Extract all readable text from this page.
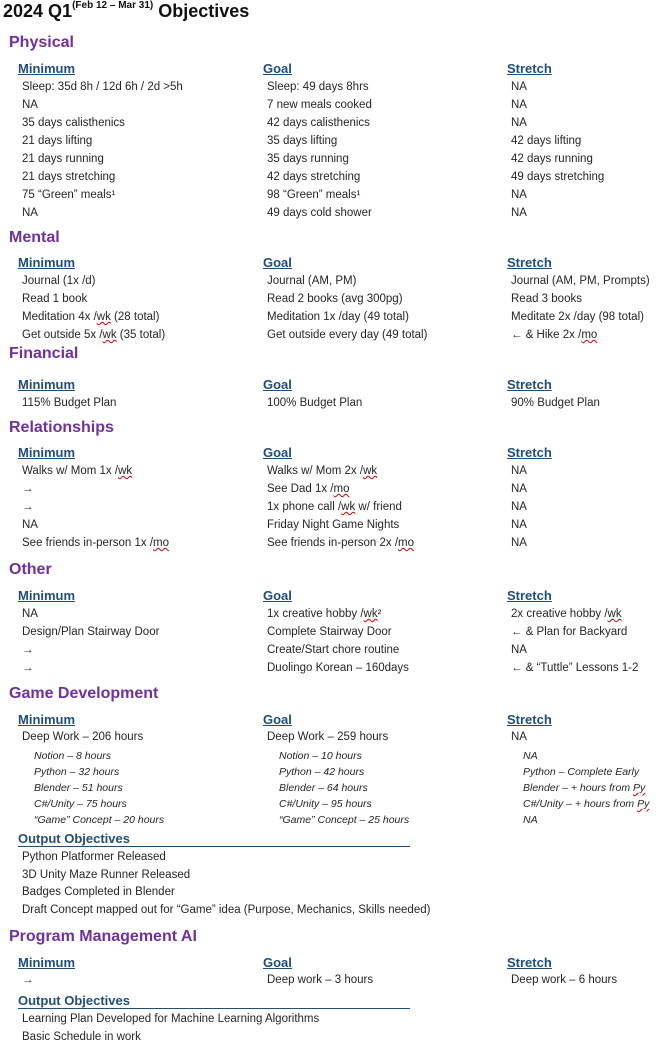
2024 $Q1^{(Feb 12 - Mar 31)}$ Objectives
Physical
Minimum	Goal	Stretch
Sleep: 35d 8h / 12d 6h / 2d >5h	Sleep: 49 days 8hrs	NA
NA	7 new meals cooked	NA
35 days calisthenics	42 days calisthenics	NA
21 days lifting	35 days lifting	42 days lifting
21 days running	35 days running	42 days running
21 days stretching	42 days stretching	49 days stretching
75 “Green” meals¹	98 “Green” meals¹	NA
NA	49 days cold shower	NA
Mental
Minimum	Goal	Stretch
Journal (1x /d)	Journal (AM, PM)	Journal (AM, PM, Prompts)
Read 1 book	Read 2 books (avg 300pg)	Read 3 books
Meditation 4x /wk (28 total)	Meditation 1x /day (49 total)	Meditate 2x /day (98 total)
Get outside 5x /wk (35 total)	Get outside every day (49 total)	← & Hike 2x /mo
Financial
Minimum	Goal	Stretch
115% Budget Plan	100% Budget Plan	90% Budget Plan
Relationships
Minimum	Goal	Stretch
Walks w/ Mom 1x /wk	Walks w/ Mom 2x /wk	NA
→	See Dad 1x /mo	NA
→	1x phone call /wk w/ friend	NA
NA	Friday Night Game Nights	NA
See friends in-person 1x /mo	See friends in-person 2x /mo	NA
Other
Minimum	Goal	Stretch
NA	1x creative hobby /wk²	2x creative hobby /wk
Design/Plan Stairway Door	Complete Stairway Door	← & Plan for Backyard
→	Create/Start chore routine	NA
→	Duolingo Korean – 160days	← & “Tuttle” Lessons 1-2
Game Development
Minimum	Goal	Stretch
Deep Work – 206 hours	Deep Work – 259 hours	NA
Notion – 8 hours	Notion – 10 hours	NA
Python – 32 hours	Python – 42 hours	Python – Complete Early
Blender – 51 hours	Blender – 64 hours	Blender – + hours from Py
C#/Unity – 75 hours	C#/Unity – 95 hours	C#/Unity – + hours from Py
“Game” Concept – 20 hours	“Game” Concept – 25 hours	NA
Output Objectives
Python Platformer Released
3D Unity Maze Runner Released
Badges Completed in Blender
Draft Concept mapped out for “Game” idea (Purpose, Mechanics, Skills needed)
Program Management AI
Minimum	Goal	Stretch
→	Deep work – 3 hours	Deep work – 6 hours
Output Objectives
Learning Plan Developed for Machine Learning Algorithms
Basic Schedule in work
